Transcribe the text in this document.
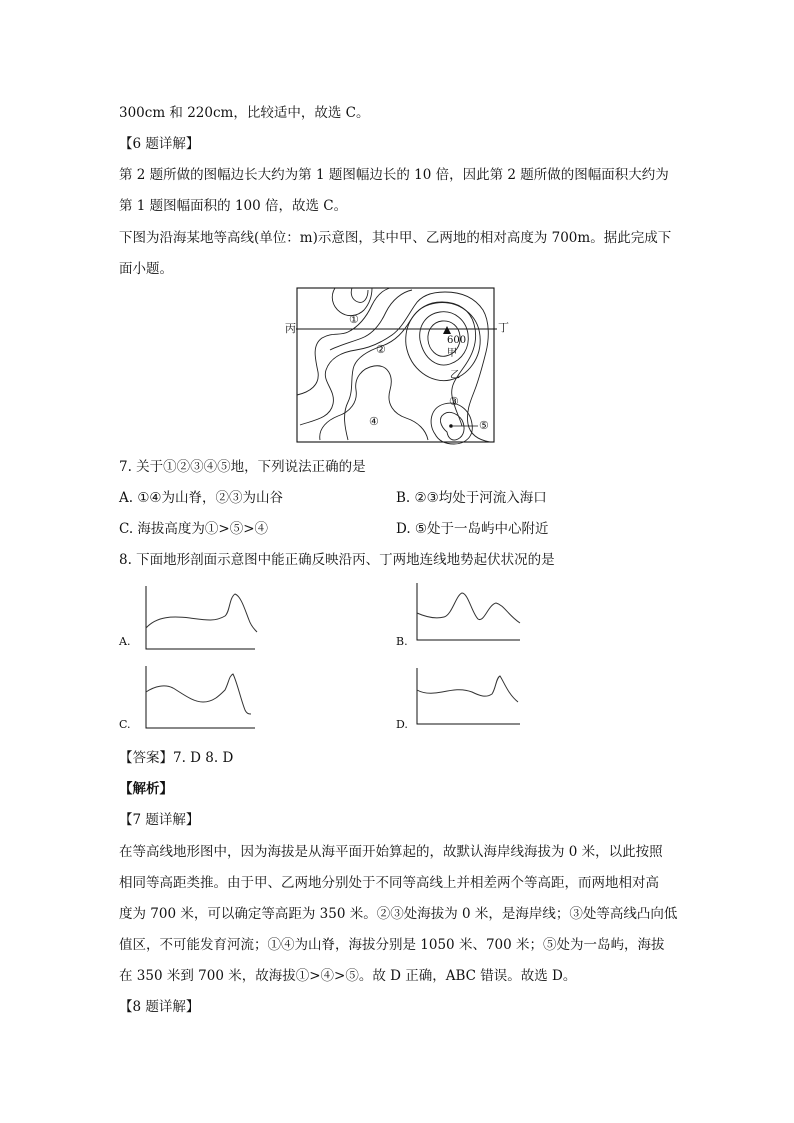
300cm 和 220cm，比较适中，故选 C。
【6 题详解】
第 2 题所做的图幅边长大约为第 1 题图幅边长的 10 倍，因此第 2 题所做的图幅面积大约为
第 1 题图幅面积的 100 倍，故选 C。
下图为沿海某地等高线(单位：m)示意图，其中甲、乙两地的相对高度为 700m。据此完成下
面小题。
丙	丁
600
甲
乙
①
②
③
④	⑤
7. 关于①②③④⑤地，下列说法正确的是
A. ①④为山脊，②③为山谷	B. ②③均处于河流入海口
C. 海拔高度为①>⑤>④	D. ⑤处于一岛屿中心附近
8. 下面地形剖面示意图中能正确反映沿丙、丁两地连线地势起伏状况的是
A.	B.
C.	D.
【答案】7. D 8. D
【解析】
【7 题详解】
在等高线地形图中，因为海拔是从海平面开始算起的，故默认海岸线海拔为 0 米，以此按照
相同等高距类推。由于甲、乙两地分别处于不同等高线上并相差两个等高距，而两地相对高
度为 700 米，可以确定等高距为 350 米。②③处海拔为 0 米，是海岸线；③处等高线凸向低
值区，不可能发育河流；①④为山脊，海拔分别是 1050 米、700 米；⑤处为一岛屿，海拔
在 350 米到 700 米，故海拔①>④>⑤。故 D 正确，ABC 错误。故选 D。
【8 题详解】
